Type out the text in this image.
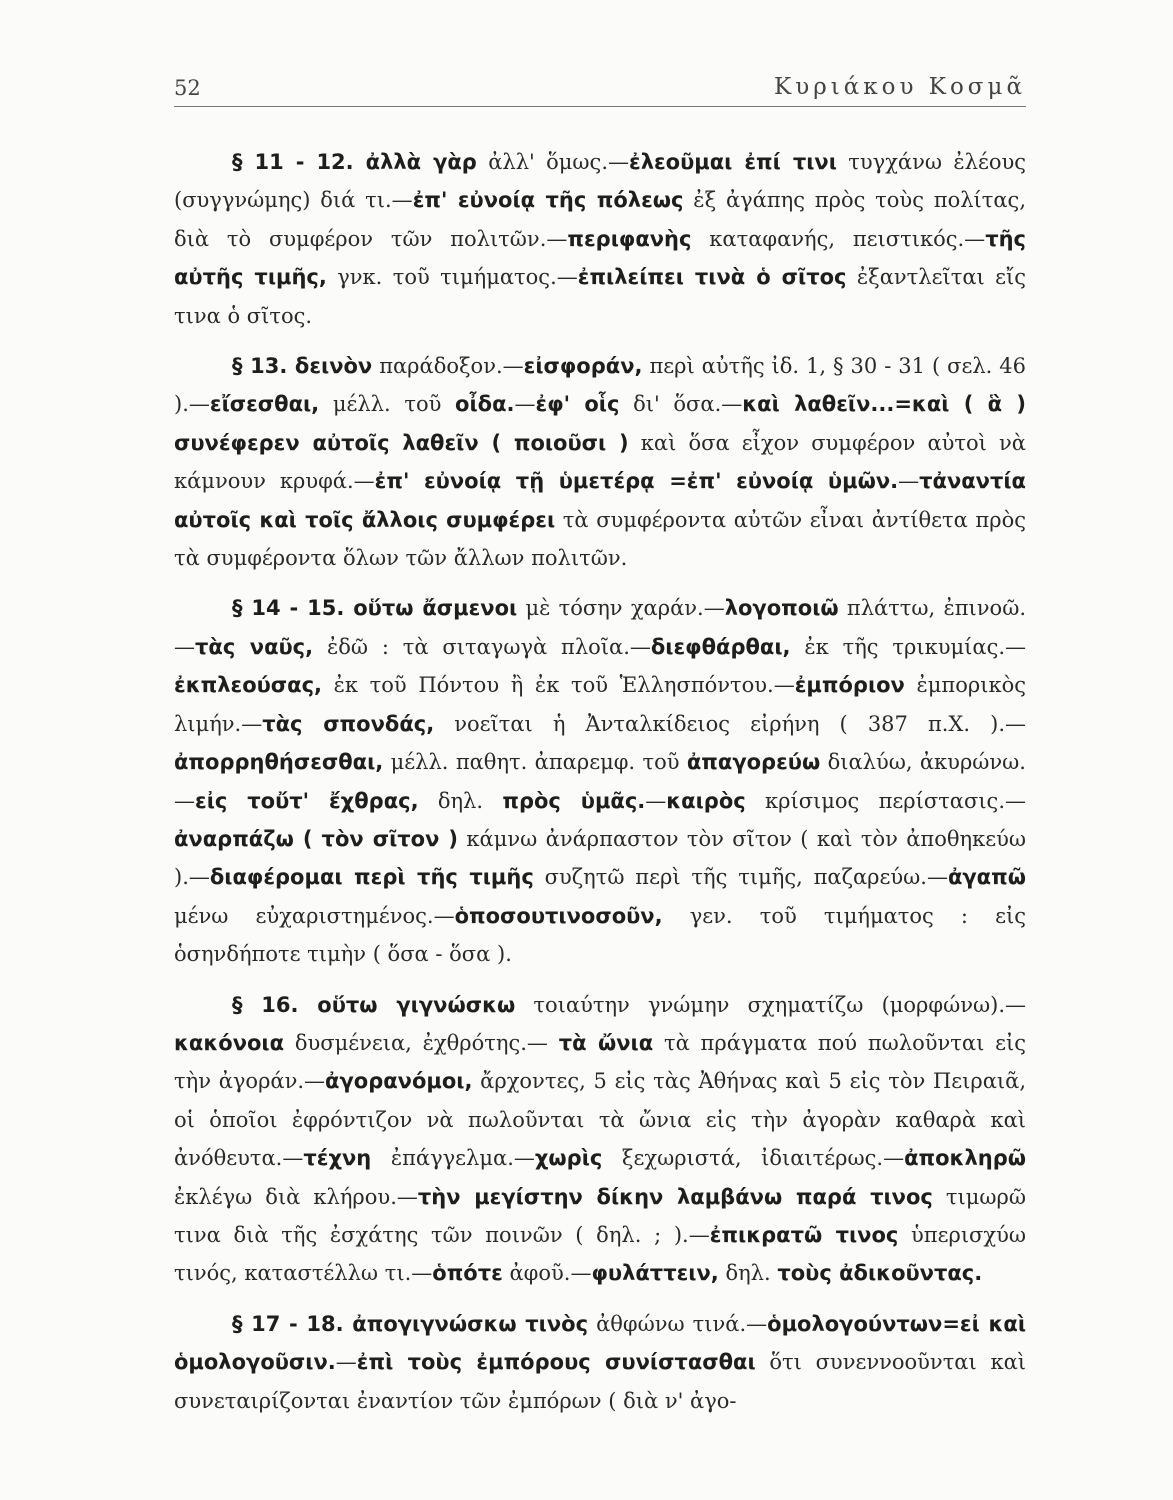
52	Κυριάκου Κοσμᾶ

§ 11 - 12. ἀλλὰ γὰρ ἀλλ' ὅμως.—ἐλεοῦμαι ἐπί τινι τυγχάνω ἐλέους (συγγνώμης) διά τι.—ἐπ' εὐνοίᾳ τῆς πόλεως ἐξ ἀγάπης πρὸς τοὺς πολίτας, διὰ τὸ συμφέρον τῶν πολιτῶν.—περιφανὴς καταφανής, πειστικός.—τῆς αὐτῆς τιμῆς, γνκ. τοῦ τιμήματος.—ἐπιλείπει τινὰ ὁ σῖτος ἐξαντλεῖται εἴς τινα ὁ σῖτος.

§ 13. δεινὸν παράδοξον.—εἰσφοράν, περὶ αὐτῆς ἰδ. 1, § 30 - 31 ( σελ. 46 ).—εἴσεσθαι, μέλλ. τοῦ οἶδα.—ἐφ' οἷς δι' ὅσα.—καὶ λαθεῖν...=καὶ ( ἃ ) συνέφερεν αὐτοῖς λαθεῖν ( ποιοῦσι ) καὶ ὅσα εἶχον συμφέρον αὐτοὶ νὰ κάμνουν κρυφά.—ἐπ' εὐνοίᾳ τῇ ὑμετέρᾳ =ἐπ' εὐνοίᾳ ὑμῶν.—τἀναντία αὐτοῖς καὶ τοῖς ἄλλοις συμφέρει τὰ συμφέροντα αὐτῶν εἶναι ἀντίθετα πρὸς τὰ συμφέροντα ὅλων τῶν ἄλλων πολιτῶν.

§ 14 - 15. οὕτω ἄσμενοι μὲ τόσην χαράν.—λογοποιῶ πλάττω, ἐπινοῶ.—τὰς ναῦς, ἐδῶ : τὰ σιταγωγὰ πλοῖα.—διεφθάρθαι, ἐκ τῆς τρικυμίας.—ἐκπλεούσας, ἐκ τοῦ Πόντου ἢ ἐκ τοῦ Ἑλλησπόντου.—ἐμπόριον ἐμπορικὸς λιμήν.—τὰς σπονδάς, νοεῖται ἡ Ἀνταλκίδειος εἰρήνη ( 387 π.Χ. ).—ἀπορρηθήσεσθαι, μέλλ. παθητ. ἀπαρεμφ. τοῦ ἀπαγορεύω διαλύω, ἀκυρώνω.—εἰς τοὔτ' ἔχθρας, δηλ. πρὸς ὑμᾶς.—καιρὸς κρίσιμος περίστασις.—ἀναρπάζω ( τὸν σῖτον ) κάμνω ἀνάρπαστον τὸν σῖτον ( καὶ τὸν ἀποθηκεύω ).—διαφέρομαι περὶ τῆς τιμῆς συζητῶ περὶ τῆς τιμῆς, παζαρεύω.—ἀγαπῶ μένω εὐχαριστημένος.—ὁποσουτινοσοῦν, γεν. τοῦ τιμήματος : εἰς ὁσηνδήποτε τιμὴν ( ὅσα - ὅσα ).

§ 16. οὕτω γιγνώσκω τοιαύτην γνώμην σχηματίζω (μορφώνω).—κακόνοια δυσμένεια, ἐχθρότης.— τὰ ὤνια τὰ πράγματα πού πωλοῦνται εἰς τὴν ἀγοράν.—ἀγορανόμοι, ἄρχοντες, 5 εἰς τὰς Ἀθήνας καὶ 5 εἰς τὸν Πειραιᾶ, οἱ ὁποῖοι ἐφρόντιζον νὰ πωλοῦνται τὰ ὤνια εἰς τὴν ἀγορὰν καθαρὰ καὶ ἀνόθευτα.—τέχνη ἐπάγγελμα.—χωρὶς ξεχωριστά, ἰδιαιτέρως.—ἀποκληρῶ ἐκλέγω διὰ κλήρου.—τὴν μεγίστην δίκην λαμβάνω παρά τινος τιμωρῶ τινα διὰ τῆς ἐσχάτης τῶν ποινῶν ( δηλ. ; ).—ἐπικρατῶ τινος ὑπερισχύω τινός, καταστέλλω τι.—ὁπότε ἀφοῦ.—φυλάττειν, δηλ. τοὺς ἀδικοῦντας.

§ 17 - 18. ἀπογιγνώσκω τινὸς ἀθφώνω τινά.—ὁμολογούντων=εἰ καὶ ὁμολογοῦσιν.—ἐπὶ τοὺς ἐμπόρους συνίστασθαι ὅτι συνεννοοῦνται καὶ συνεταιρίζονται ἐναντίον τῶν ἐμπόρων ( διὰ ν' ἀγο-
